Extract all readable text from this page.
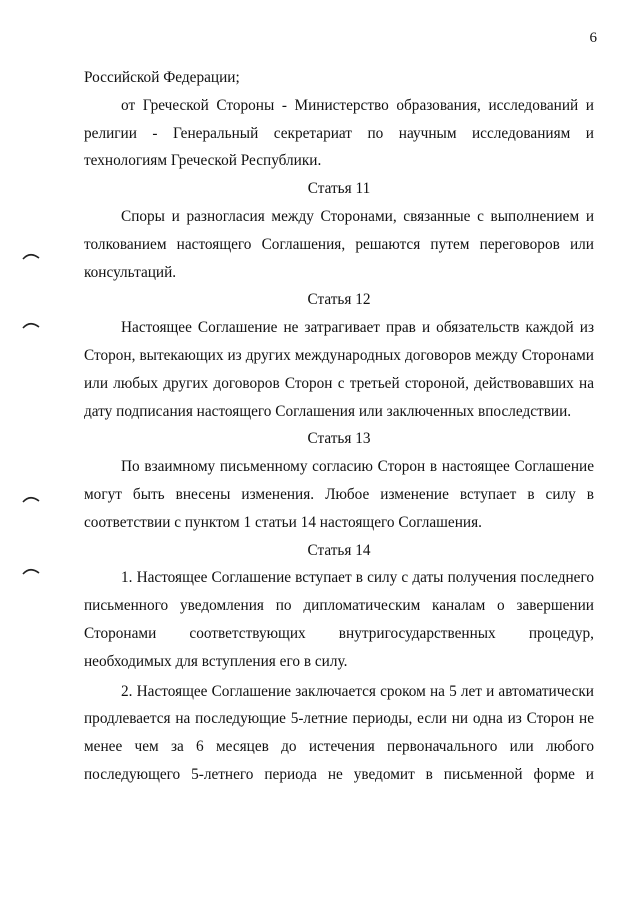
6

Российской Федерации;

от Греческой Стороны - Министерство образования, исследований и религии - Генеральный секретариат по научным исследованиям и технологиям Греческой Республики.

Статья 11

Споры и разногласия между Сторонами, связанные с выполнением и толкованием настоящего Соглашения, решаются путем переговоров или консультаций.

Статья 12

Настоящее Соглашение не затрагивает прав и обязательств каждой из Сторон, вытекающих из других международных договоров между Сторонами или любых других договоров Сторон с третьей стороной, действовавших на дату подписания настоящего Соглашения или заключенных впоследствии.

Статья 13

По взаимному письменному согласию Сторон в настоящее Соглашение могут быть внесены изменения. Любое изменение вступает в силу в соответствии с пунктом 1 статьи 14 настоящего Соглашения.

Статья 14

1. Настоящее Соглашение вступает в силу с даты получения последнего письменного уведомления по дипломатическим каналам о завершении Сторонами соответствующих внутригосударственных процедур, необходимых для вступления его в силу.

2. Настоящее Соглашение заключается сроком на 5 лет и автоматически продлевается на последующие 5-летние периоды, если ни одна из Сторон не менее чем за 6 месяцев до истечения первоначального или любого последующего 5-летнего периода не уведомит в письменной форме и
